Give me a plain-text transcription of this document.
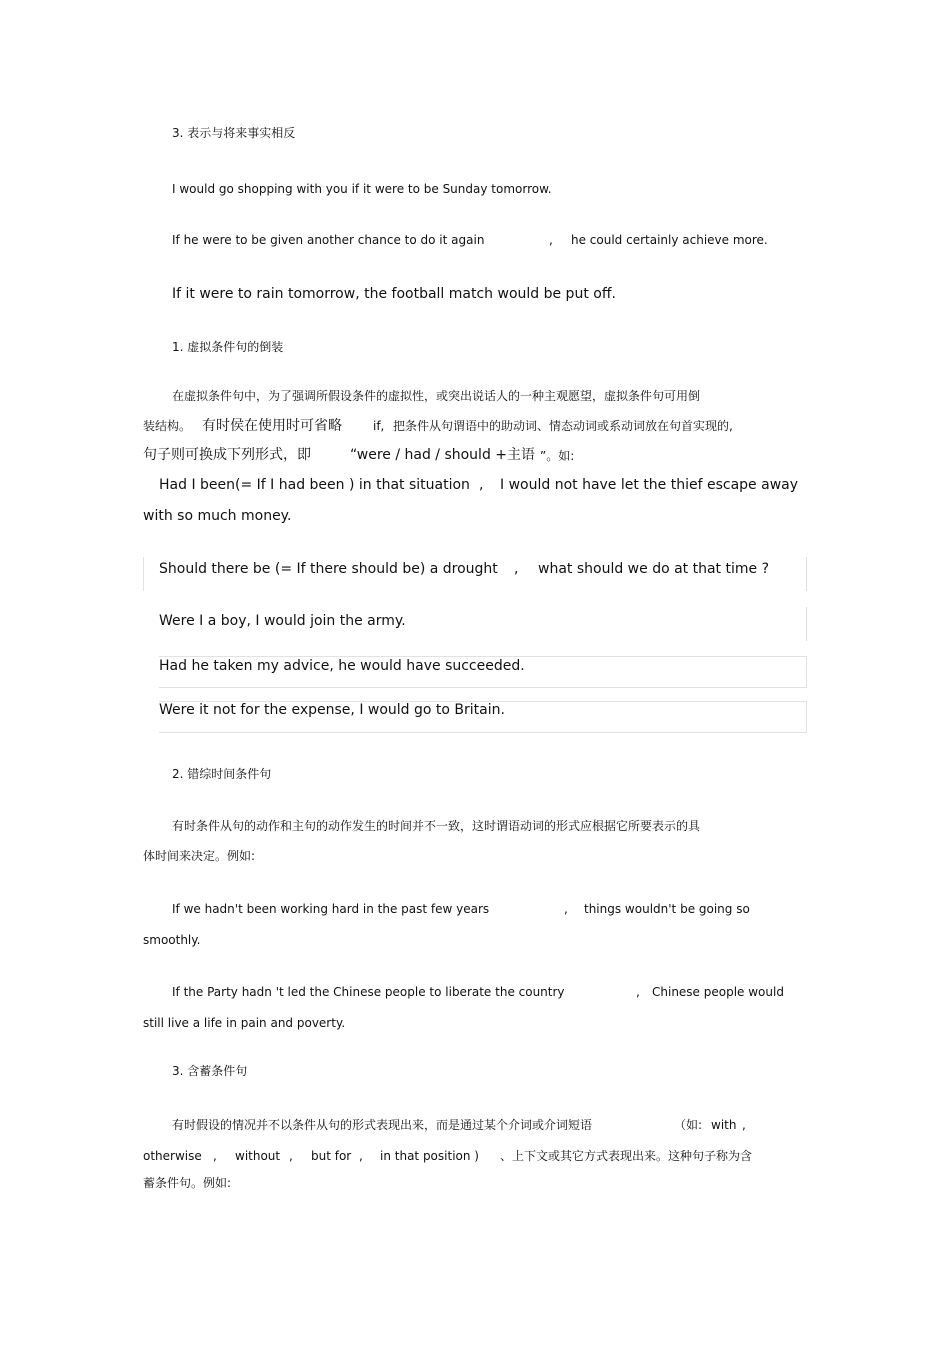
3. 表示与将来事实相反

I would go shopping with you if it were to be Sunday tomorrow.

If he were to be given another chance to do it again	, he could certainly achieve more.

If it were to rain tomorrow, the football match would be put off.

1. 虚拟条件句的倒装

在虚拟条件句中，为了强调所假设条件的虚拟性，或突出说话人的一种主观愿望，虚拟条件句可用倒

装结构。 有时侯在使用时可省略	if, 把条件从句谓语中的助动词、情态动词或系动词放在句首实现的,

句子则可换成下列形式，即	“were / had / should + 主语 ”。如:

Had I been(= If I had been ) in that situation , I would not have let the thief escape away

with so much money.

Should there be (= If there should be) a drought , what should we do at that time ?

Were I a boy, I would join the army.

Had he taken my advice, he would have succeeded.

Were it not for the expense, I would go to Britain.

2. 错综时间条件句

有时条件从句的动作和主句的动作发生的时间并不一致，这时谓语动词的形式应根据它所要表示的具

体时间来决定。例如:

If we hadn't been working hard in the past few years	, things wouldn't be going so

smoothly.

If the Party hadn 't led the Chinese people to liberate the country	, Chinese people would

still live a life in pain and poverty.

3. 含蓄条件句

有时假设的情况并不以条件从句的形式表现出来，而是通过某个介词或介词短语	（如: with ,

otherwise , without , but for , in that position ) 、上下文或其它方式表现出来。这种句子称为含

蓄条件句。例如:
